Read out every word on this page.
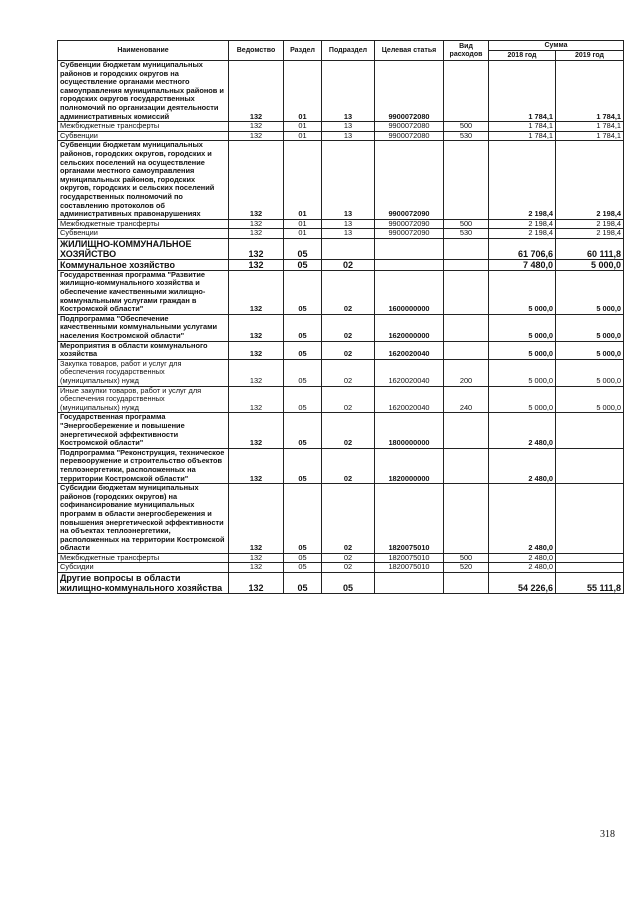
Наименование	Ведомство	Раздел	Подраздел	Целевая статья	Вид расходов	Сумма	
						2018 год	2019 год
Субвенции бюджетам муниципальных районов и городских округов на осуществление органами местного самоуправления муниципальных районов и городских округов государственных полномочий по организации деятельности административных комиссий	132	01	13	9900072080		1 784,1	1 784,1
Межбюджетные трансферты	132	01	13	9900072080	500	1 784,1	1 784,1
Субвенции	132	01	13	9900072080	530	1 784,1	1 784,1
Субвенции бюджетам муниципальных районов, городских округов, городских и сельских поселений на осуществление органами местного самоуправления муниципальных районов, городских округов, городских и сельских поселений государственных полномочий по составлению протоколов об административных правонарушениях	132	01	13	9900072090		2 198,4	2 198,4
Межбюджетные трансферты	132	01	13	9900072090	500	2 198,4	2 198,4
Субвенции	132	01	13	9900072090	530	2 198,4	2 198,4
ЖИЛИЩНО-КОММУНАЛЬНОЕ ХОЗЯЙСТВО	132	05				61 706,6	60 111,8
Коммунальное хозяйство	132	05	02			7 480,0	5 000,0
Государственная программа "Развитие жилищно-коммунального хозяйства и обеспечение качественными жилищно-коммунальными услугами граждан в Костромской области"	132	05	02	1600000000		5 000,0	5 000,0
Подпрограмма "Обеспечение качественными коммунальными услугами населения Костромской области"	132	05	02	1620000000		5 000,0	5 000,0
Мероприятия в области коммунального хозяйства	132	05	02	1620020040		5 000,0	5 000,0
Закупка товаров, работ и услуг для обеспечения государственных (муниципальных) нужд	132	05	02	1620020040	200	5 000,0	5 000,0
Иные закупки товаров, работ и услуг для обеспечения государственных (муниципальных) нужд	132	05	02	1620020040	240	5 000,0	5 000,0
Государственная программа "Энергосбережение и повышение энергетической эффективности Костромской области"	132	05	02	1800000000		2 480,0	
Подпрограмма "Реконструкция, техническое перевооружение и строительство объектов теплоэнергетики, расположенных на территории Костромской области"	132	05	02	1820000000		2 480,0	
Субсидии бюджетам муниципальных районов (городских округов) на софинансирование муниципальных программ в области энергосбережения и повышения энергетической эффективности на объектах теплоэнергетики, расположенных на территории Костромской области	132	05	02	1820075010		2 480,0	
Межбюджетные трансферты	132	05	02	1820075010	500	2 480,0	
Субсидии	132	05	02	1820075010	520	2 480,0	
Другие вопросы в области жилищно-коммунального хозяйства	132	05	05			54 226,6	55 111,8
318
